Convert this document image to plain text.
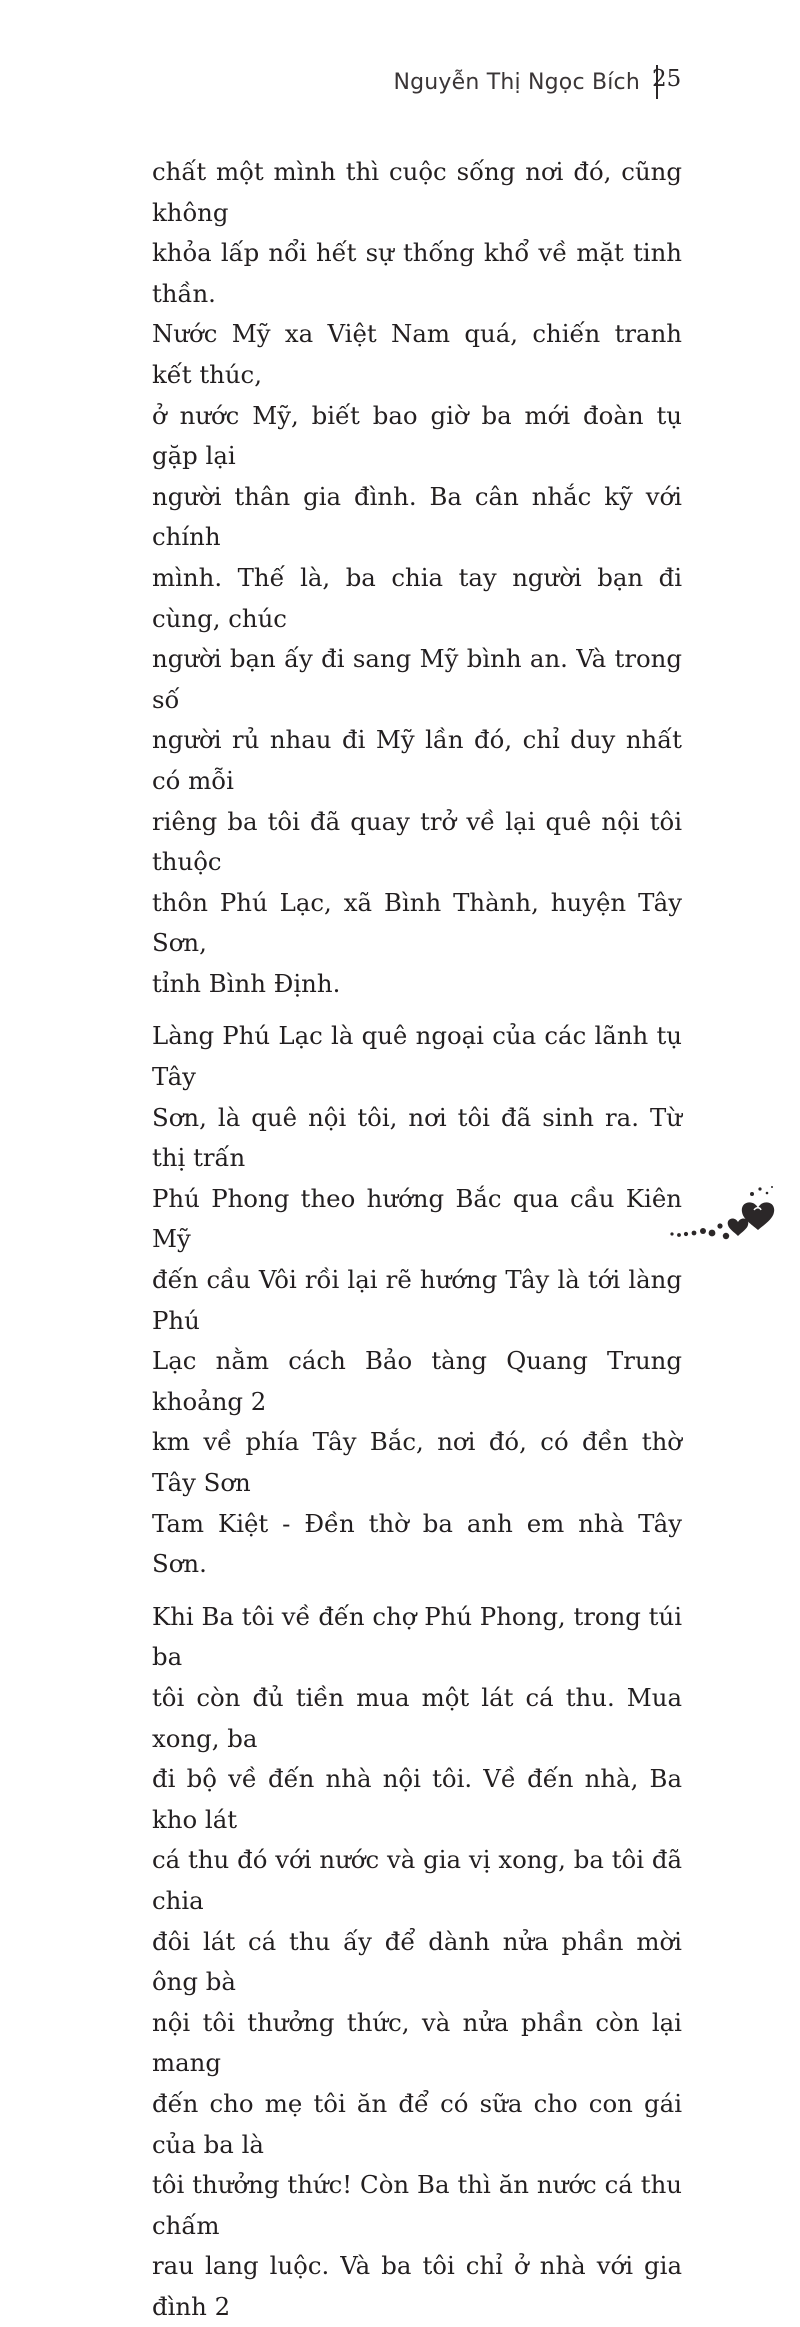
Nguyễn Thị Ngọc Bích 25

chất một mình thì cuộc sống nơi đó, cũng không
khỏa lấp nổi hết sự thống khổ về mặt tinh thần.
Nước Mỹ xa Việt Nam quá, chiến tranh kết thúc,
ở nước Mỹ, biết bao giờ ba mới đoàn tụ gặp lại
người thân gia đình. Ba cân nhắc kỹ với chính
mình. Thế là, ba chia tay người bạn đi cùng, chúc
người bạn ấy đi sang Mỹ bình an. Và trong số
người rủ nhau đi Mỹ lần đó, chỉ duy nhất có mỗi
riêng ba tôi đã quay trở về lại quê nội tôi thuộc
thôn Phú Lạc, xã Bình Thành, huyện Tây Sơn,
tỉnh Bình Định.

Làng Phú Lạc là quê ngoại của các lãnh tụ Tây
Sơn, là quê nội tôi, nơi tôi đã sinh ra. Từ thị trấn
Phú Phong theo hướng Bắc qua cầu Kiên Mỹ
đến cầu Vôi rồi lại rẽ hướng Tây là tới làng Phú
Lạc nằm cách Bảo tàng Quang Trung khoảng 2
km về phía Tây Bắc, nơi đó, có đền thờ Tây Sơn
Tam Kiệt - Đền thờ ba anh em nhà Tây Sơn.

Khi Ba tôi về đến chợ Phú Phong, trong túi ba
tôi còn đủ tiền mua một lát cá thu. Mua xong, ba
đi bộ về đến nhà nội tôi. Về đến nhà, Ba kho lát
cá thu đó với nước và gia vị xong, ba tôi đã chia
đôi lát cá thu ấy để dành nửa phần mời ông bà
nội tôi thưởng thức, và nửa phần còn lại mang
đến cho mẹ tôi ăn để có sữa cho con gái của ba là
tôi thưởng thức! Còn Ba thì ăn nước cá thu chấm
rau lang luộc. Và ba tôi chỉ ở nhà với gia đình 2
